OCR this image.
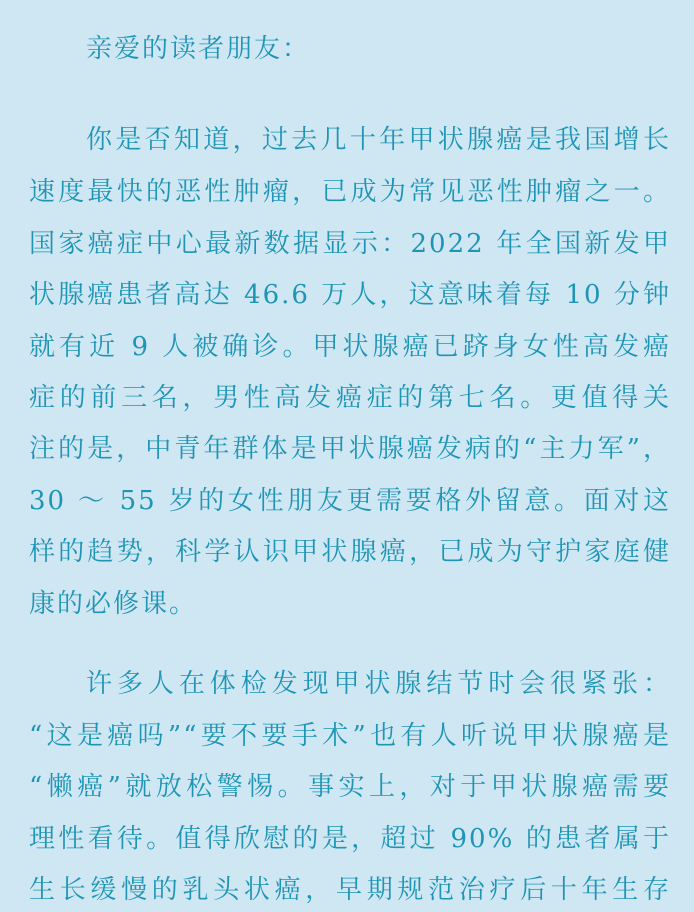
亲爱的读者朋友：
你是否知道，过去几十年甲状腺癌是我国增长
速度最快的恶性肿瘤，已成为常见恶性肿瘤之一。
国家癌症中心最新数据显示：2022 年全国新发甲
状腺癌患者高达 46.6 万人，这意味着每 10 分钟
就有近 9 人被确诊。甲状腺癌已跻身女性高发癌
症的前三名，男性高发癌症的第七名。更值得关
注的是，中青年群体是甲状腺癌发病的“主力军”，
30 ～ 55 岁的女性朋友更需要格外留意。面对这
样的趋势，科学认识甲状腺癌，已成为守护家庭健
康的必修课。
许多人在体检发现甲状腺结节时会很紧张：
“这是癌吗”“要不要手术”也有人听说甲状腺癌是
“懒癌”就放松警惕。事实上，对于甲状腺癌需要
理性看待。值得欣慰的是，超过 90% 的患者属于
生长缓慢的乳头状癌，早期规范治疗后十年生存
